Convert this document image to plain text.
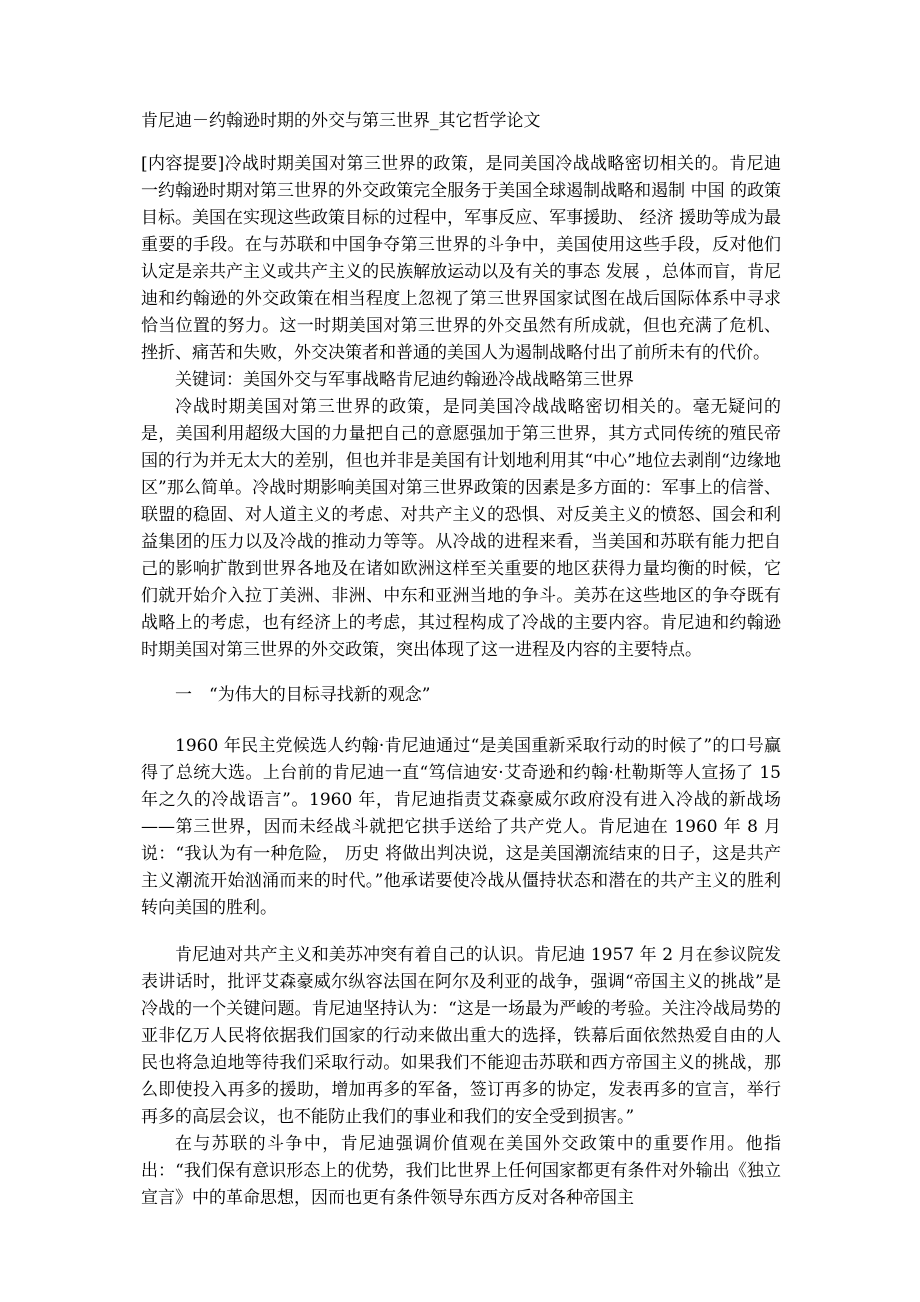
肯尼迪－约翰逊时期的外交与第三世界_其它哲学论文

[内容提要]冷战时期美国对第三世界的政策，是同美国冷战战略密切相关的。肯尼迪一约翰逊时期对第三世界的外交政策完全服务于美国全球遏制战略和遏制 中国 的政策目标。美国在实现这些政策目标的过程中，军事反应、军事援助、 经济 援助等成为最重要的手段。在与苏联和中国争夺第三世界的斗争中，美国使用这些手段，反对他们认定是亲共产主义或共产主义的民族解放运动以及有关的事态 发展 ，总体而盲，肯尼迪和约翰逊的外交政策在相当程度上忽视了第三世界国家试图在战后国际体系中寻求恰当位置的努力。这一时期美国对第三世界的外交虽然有所成就，但也充满了危机、挫折、痛苦和失败，外交决策者和普通的美国人为遏制战略付出了前所未有的代价。

关键词：美国外交与军事战略肯尼迪约翰逊冷战战略第三世界

冷战时期美国对第三世界的政策，是同美国冷战战略密切相关的。毫无疑问的是，美国利用超级大国的力量把自己的意愿强加于第三世界，其方式同传统的殖民帝国的行为并无太大的差别，但也并非是美国有计划地利用其“中心”地位去剥削“边缘地区”那么简单。冷战时期影响美国对第三世界政策的因素是多方面的：军事上的信誉、联盟的稳固、对人道主义的考虑、对共产主义的恐惧、对反美主义的愤怒、国会和利益集团的压力以及冷战的推动力等等。从冷战的进程来看，当美国和苏联有能力把自己的影响扩散到世界各地及在诸如欧洲这样至关重要的地区获得力量均衡的时候，它们就开始介入拉丁美洲、非洲、中东和亚洲当地的争斗。美苏在这些地区的争夺既有战略上的考虑，也有经济上的考虑，其过程构成了冷战的主要内容。肯尼迪和约翰逊时期美国对第三世界的外交政策，突出体现了这一进程及内容的主要特点。

一　“为伟大的目标寻找新的观念”

1960 年民主党候选人约翰·肯尼迪通过“是美国重新采取行动的时候了”的口号赢得了总统大选。上台前的肯尼迪一直“笃信迪安·艾奇逊和约翰·杜勒斯等人宣扬了 15 年之久的冷战语言”。1960 年，肯尼迪指责艾森豪威尔政府没有进入冷战的新战场——第三世界，因而未经战斗就把它拱手送给了共产党人。肯尼迪在 1960 年 8 月说：“我认为有一种危险， 历史 将做出判决说，这是美国潮流结束的日子，这是共产主义潮流开始汹涌而来的时代。”他承诺要使冷战从僵持状态和潜在的共产主义的胜利转向美国的胜利。

肯尼迪对共产主义和美苏冲突有着自己的认识。肯尼迪 1957 年 2 月在参议院发表讲话时，批评艾森豪威尔纵容法国在阿尔及利亚的战争，强调“帝国主义的挑战”是冷战的一个关键问题。肯尼迪坚持认为：“这是一场最为严峻的考验。关注冷战局势的亚非亿万人民将依据我们国家的行动来做出重大的选择，铁幕后面依然热爱自由的人民也将急迫地等待我们采取行动。如果我们不能迎击苏联和西方帝国主义的挑战，那么即使投入再多的援助，增加再多的军备，签订再多的协定，发表再多的宣言，举行再多的高层会议，也不能防止我们的事业和我们的安全受到损害。”

在与苏联的斗争中，肯尼迪强调价值观在美国外交政策中的重要作用。他指出：“我们保有意识形态上的优势，我们比世界上任何国家都更有条件对外输出《独立宣言》中的革命思想，因而也更有条件领导东西方反对各种帝国主
